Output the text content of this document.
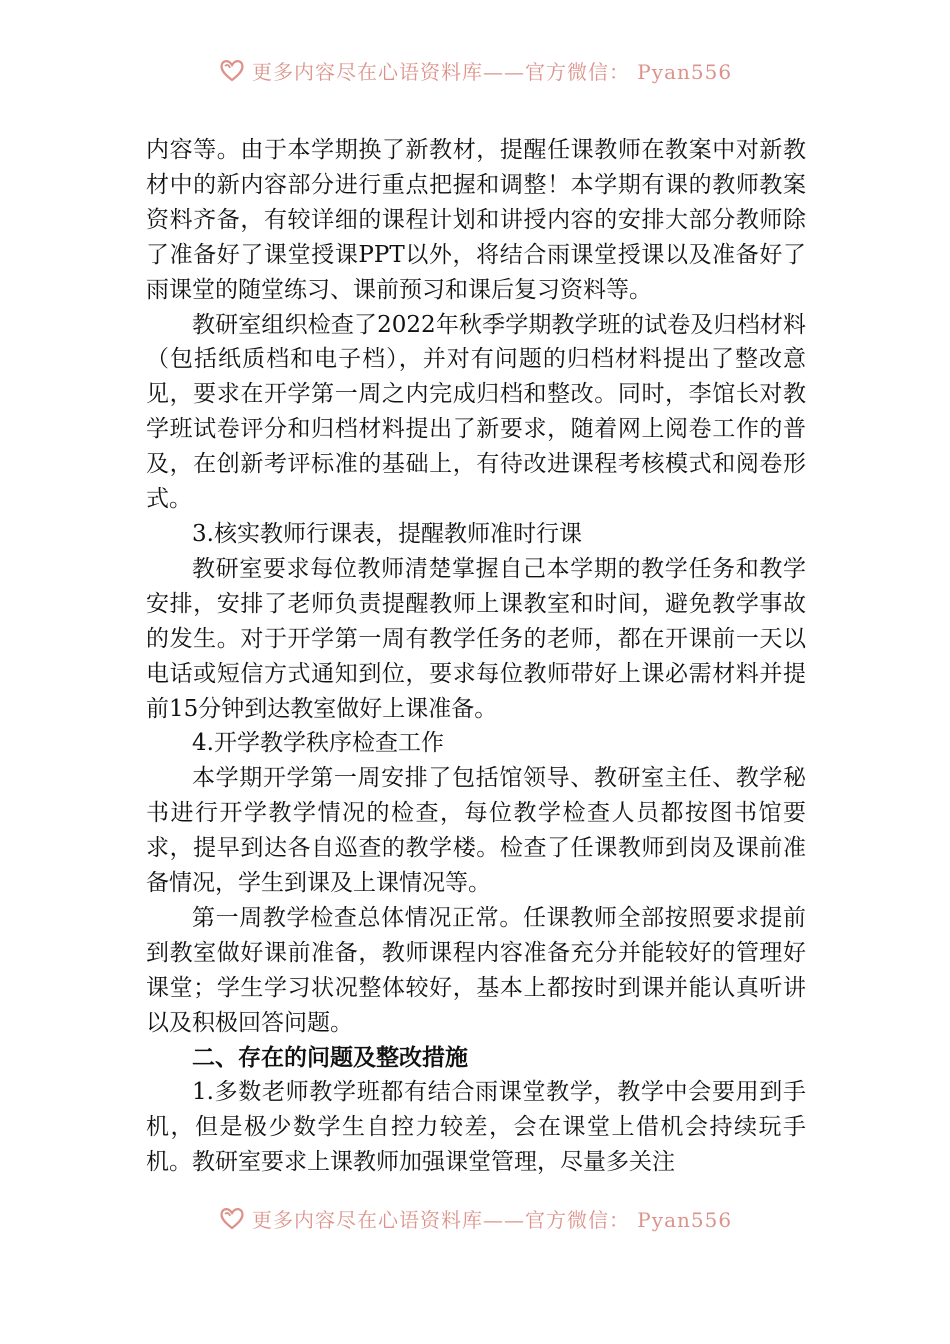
更多内容尽在心语资料库——官方微信： Pyan556

内容等。由于本学期换了新教材，提醒任课教师在教案中对新教材中的新内容部分进行重点把握和调整！本学期有课的教师教案资料齐备，有较详细的课程计划和讲授内容的安排大部分教师除了准备好了课堂授课PPT以外，将结合雨课堂授课以及准备好了雨课堂的随堂练习、课前预习和课后复习资料等。

教研室组织检查了2022年秋季学期教学班的试卷及归档材料（包括纸质档和电子档），并对有问题的归档材料提出了整改意见，要求在开学第一周之内完成归档和整改。同时，李馆长对教学班试卷评分和归档材料提出了新要求，随着网上阅卷工作的普及，在创新考评标准的基础上，有待改进课程考核模式和阅卷形式。

3.核实教师行课表，提醒教师准时行课

教研室要求每位教师清楚掌握自己本学期的教学任务和教学安排，安排了老师负责提醒教师上课教室和时间，避免教学事故的发生。对于开学第一周有教学任务的老师，都在开课前一天以电话或短信方式通知到位，要求每位教师带好上课必需材料并提前15分钟到达教室做好上课准备。

4.开学教学秩序检查工作

本学期开学第一周安排了包括馆领导、教研室主任、教学秘书进行开学教学情况的检查，每位教学检查人员都按图书馆要求，提早到达各自巡查的教学楼。检查了任课教师到岗及课前准备情况，学生到课及上课情况等。

第一周教学检查总体情况正常。任课教师全部按照要求提前到教室做好课前准备，教师课程内容准备充分并能较好的管理好课堂；学生学习状况整体较好，基本上都按时到课并能认真听讲以及积极回答问题。

二、存在的问题及整改措施

1.多数老师教学班都有结合雨课堂教学，教学中会要用到手机，但是极少数学生自控力较差，会在课堂上借机会持续玩手机。教研室要求上课教师加强课堂管理，尽量多关注

更多内容尽在心语资料库——官方微信： Pyan556
